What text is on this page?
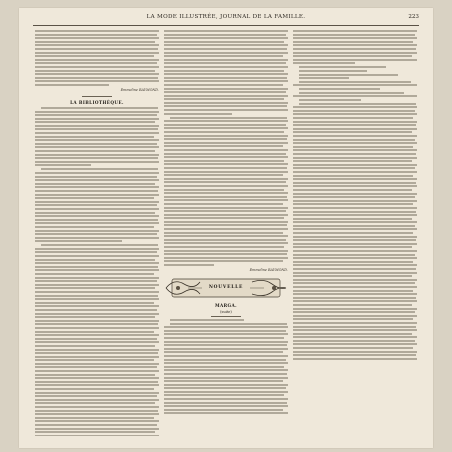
LA MODE ILLUSTRÉE, JOURNAL DE LA FAMILLE.	223
Emmeline RAYMOND.
LA BIBLIOTHÈQUE.
Emmeline RAYMOND.
NOUVELLE
MARGA.
(suite)
